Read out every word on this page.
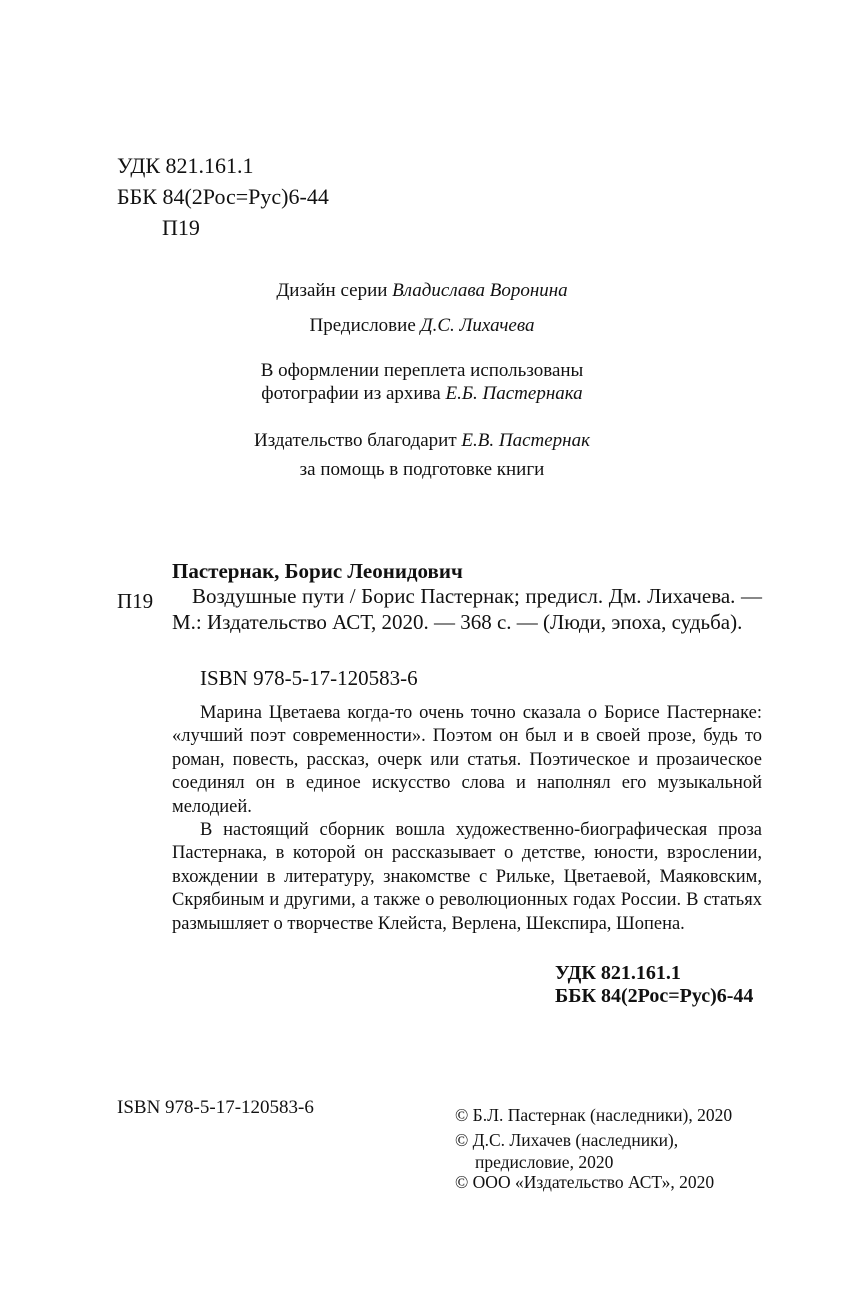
УДК 821.161.1
ББК 84(2Рос=Рус)6-44
П19
Дизайн серии Владислава Воронина
Предисловие Д.С. Лихачева
В оформлении переплета использованы
фотографии из архива Е.Б. Пастернака
Издательство благодарит Е.В. Пастернак
за помощь в подготовке книги
Пастернак, Борис Леонидович
П19	Воздушные пути / Борис Пастернак; предисл. Дм. Лихачева. — М.: Издательство АСТ, 2020. — 368 с. — (Люди, эпоха, судьба).
ISBN 978-5-17-120583-6

Марина Цветаева когда-то очень точно сказала о Борисе Пастернаке: «лучший поэт современности». Поэтом он был и в своей прозе, будь то роман, повесть, рассказ, очерк или статья. Поэтическое и прозаическое соединял он в единое искусство слова и наполнял его музыкальной мелодией.

В настоящий сборник вошла художественно-биографическая проза Пастернака, в которой он рассказывает о детстве, юности, взрослении, вхождении в литературу, знакомстве с Рильке, Цветаевой, Маяковским, Скрябиным и другими, а также о революционных годах России. В статьях размышляет о творчестве Клейста, Верлена, Шекспира, Шопена.

УДК 821.161.1
ББК 84(2Рос=Рус)6-44
ISBN 978-5-17-120583-6	© Б.Л. Пастернак (наследники), 2020
© Д.С. Лихачев (наследники),
предисловие, 2020
© ООО «Издательство АСТ», 2020
